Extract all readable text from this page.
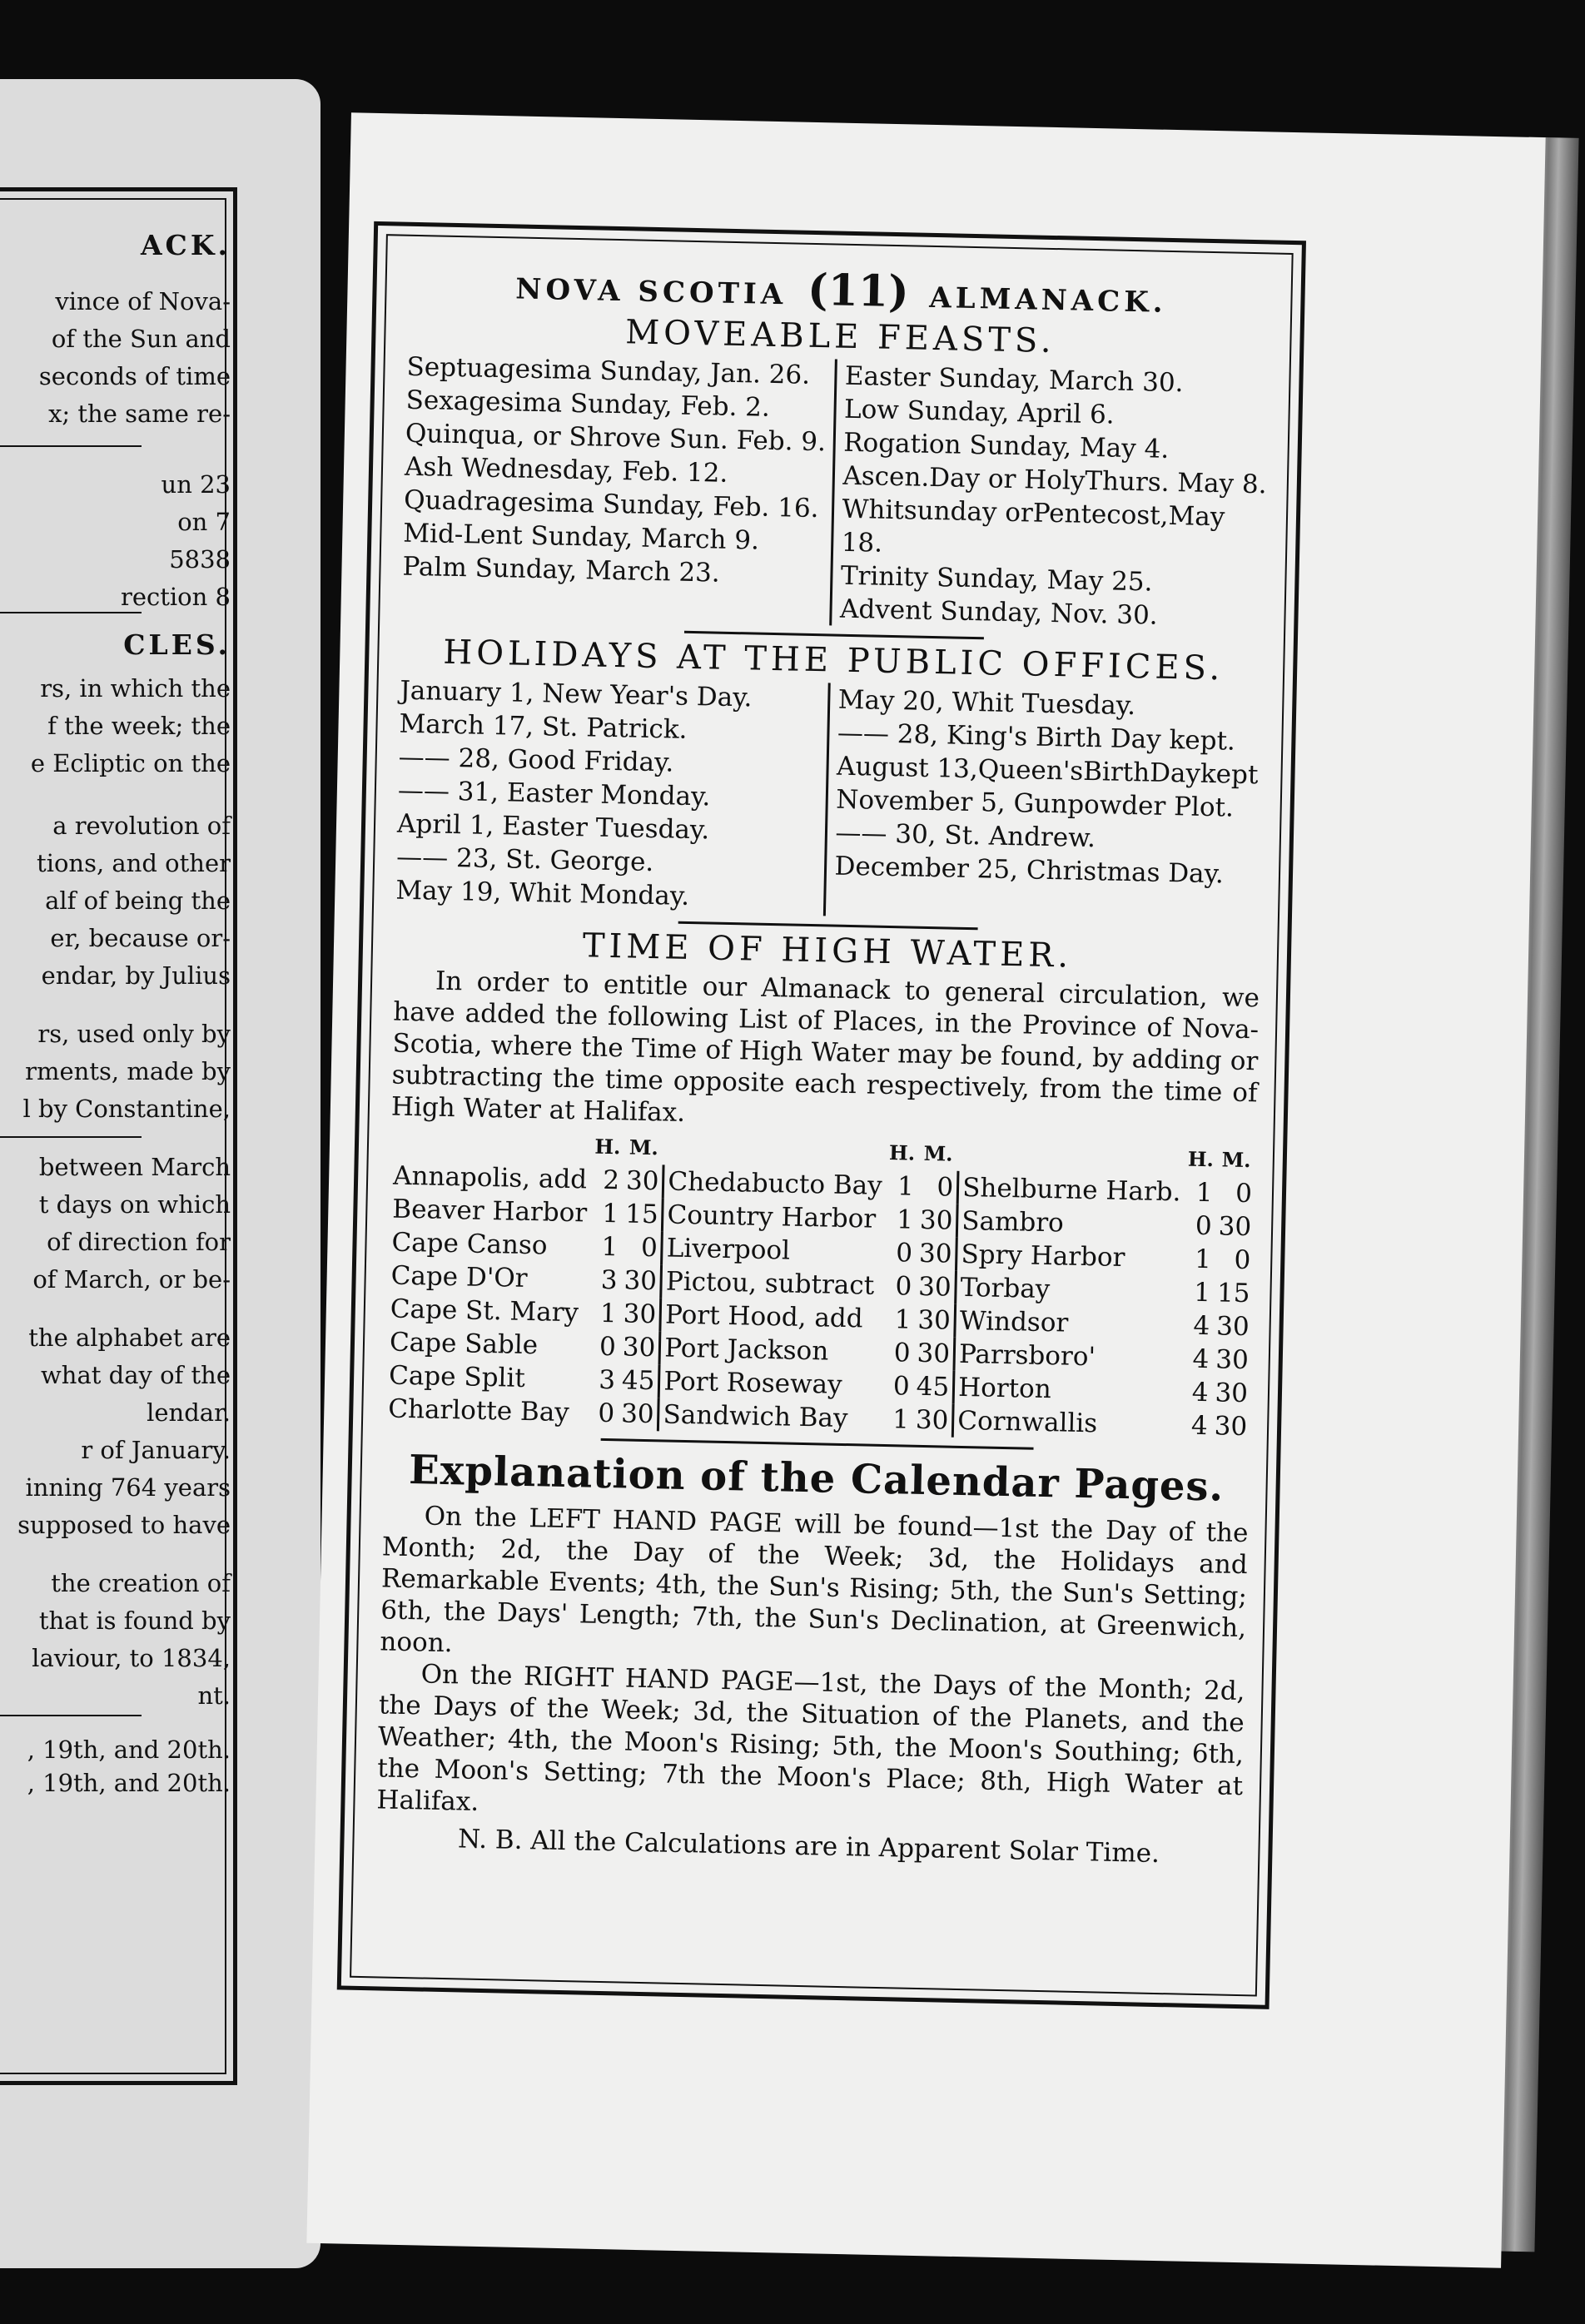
ACK.
vince of Nova-
of the Sun and
seconds of time
x; the same re-
un 23
on 7
5838
rection 8
CLES.
rs, in which the
f the week; the
e Ecliptic on the
a revolution of
tions, and other
alf of being the
er, because or-
endar, by Julius
rs, used only by
rments, made by
l by Constantine,
between March
t days on which
of direction for
of March, or be-
the alphabet are
what day of the
lendar.
r of January.
inning 764 years
supposed to have
the creation of
that is found by
laviour, to 1834,
nt.
, 19th, and 20th.
, 19th, and 20th.
NOVA SCOTIA (11) ALMANACK.
MOVEABLE FEASTS.
Septuagesima Sunday, Jan. 26.
Sexagesima Sunday, Feb. 2.
Quinqua, or Shrove Sun. Feb. 9.
Ash Wednesday, Feb. 12.
Quadragesima Sunday, Feb. 16.
Mid-Lent Sunday, March 9.
Palm Sunday, March 23.
Easter Sunday, March 30.
Low Sunday, April 6.
Rogation Sunday, May 4.
Ascen.Day or HolyThurs. May 8.
Whitsunday orPentecost,May 18.
Trinity Sunday, May 25.
Advent Sunday, Nov. 30.
HOLIDAYS AT THE PUBLIC OFFICES.
January 1, New Year's Day.
March 17, St. Patrick.
—— 28, Good Friday.
—— 31, Easter Monday.
April 1, Easter Tuesday.
—— 23, St. George.
May 19, Whit Monday.
May 20, Whit Tuesday.
—— 28, King's Birth Day kept.
August 13,Queen'sBirthDaykept
November 5, Gunpowder Plot.
—— 30, St. Andrew.
December 25, Christmas Day.
TIME OF HIGH WATER.
In order to entitle our Almanack to general circulation, we have added the following List of Places, in the Province of Nova-Scotia, where the Time of High Water may be found, by adding or subtracting the time opposite each respectively, from the time of High Water at Halifax.
	H.	M.		H.	M.		H.	M.
Annapolis, add	2	30	Chedabucto Bay	1	0	Shelburne Harb.	1	0
Beaver Harbor	1	15	Country Harbor	1	30	Sambro	0	30
Cape Canso	1	0	Liverpool	0	30	Spry Harbor	1	0
Cape D'Or	3	30	Pictou, subtract	0	30	Torbay	1	15
Cape St. Mary	1	30	Port Hood, add	1	30	Windsor	4	30
Cape Sable	0	30	Port Jackson	0	30	Parrsboro'	4	30
Cape Split	3	45	Port Roseway	0	45	Horton	4	30
Charlotte Bay	0	30	Sandwich Bay	1	30	Cornwallis	4	30
Explanation of the Calendar Pages.
On the LEFT HAND PAGE will be found—1st the Day of the Month; 2d, the Day of the Week; 3d, the Holidays and Remarkable Events; 4th, the Sun's Rising; 5th, the Sun's Setting; 6th, the Days' Length; 7th, the Sun's Declination, at Greenwich, noon.
On the RIGHT HAND PAGE—1st, the Days of the Month; 2d, the Days of the Week; 3d, the Situation of the Planets, and the Weather; 4th, the Moon's Rising; 5th, the Moon's Southing; 6th, the Moon's Setting; 7th the Moon's Place; 8th, High Water at Halifax.
N. B. All the Calculations are in Apparent Solar Time.
